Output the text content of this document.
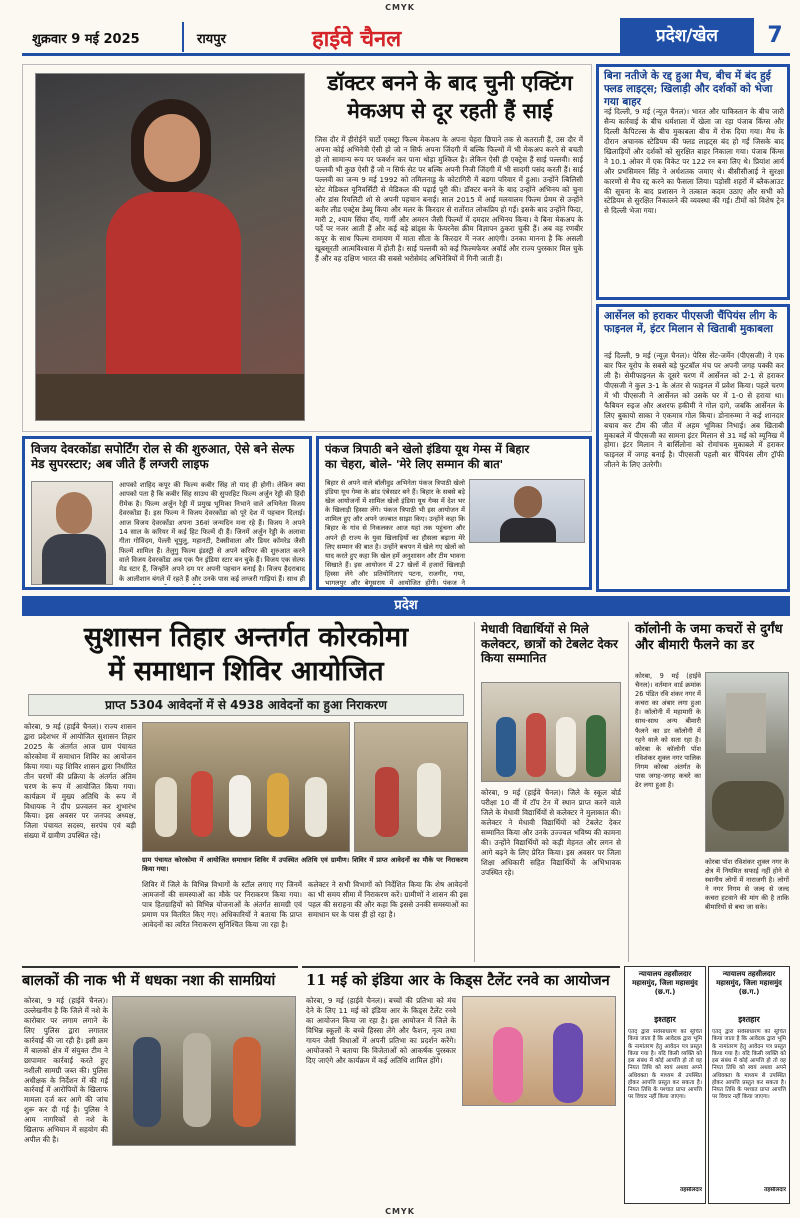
CMYK
शुक्रवार 9 मई 2025	रायपुर	हाईवे चैनल	प्रदेश/खेल	7
डॉक्टर बनने के बाद चुनी एक्टिंग
मेकअप से दूर रहती हैं साई
जिस दौर में हीरोईनें चार्टो एक्स्ट्रा फिल्म मेकअप के अपना चेहरा छिपाने तक से कतराती हैं, उस दौर में अपना कोई अभिनेत्री ऐसी हो जो न सिर्फ अपना जिंदगी में बल्कि फिल्मों में भी मेकअप करने से बचती हो तो सामान्य रूप पर फर्क्शन कर पाना थोड़ा मुश्किल है। लेकिन ऐसी ही एक्ट्रेस हैं साई पल्लवी। साई पल्लवी भी कुछ ऐसी हैं जो न सिर्फ सेट पर बल्कि अपनी निजी जिंदगी में भी सादगी पसंद करती हैं। साई पल्लवी का जन्म 9 मई 1992 को तमिलनाडु के कोटागिरी में बडगा परिवार में हुआ। उन्होंने त्बिलिसी स्टेट मेडिकल यूनिवर्सिटी से मेडिकल की पढ़ाई पूरी की। डॉक्टर बनने के बाद उन्होंने अभिनय को चुना और डांस रियलिटी शो से अपनी पहचान बनाई। साल 2015 में आई मलयालम फिल्म प्रेमम से उन्होंने बतौर लीड एक्ट्रेस डेब्यू किया और मलर के किरदार से रातोंरात लोकप्रिय हो गईं। इसके बाद उन्होंने फिदा, मारी 2, श्याम सिंघा रॉय, गार्गी और अमरन जैसी फिल्मों में दमदार अभिनय किया। वे बिना मेकअप के पर्दे पर नजर आती हैं और कई बड़े ब्रांड्स के फेयरनेस क्रीम विज्ञापन ठुकरा चुकी हैं। अब वह रणबीर कपूर के साथ फिल्म रामायण में माता सीता के किरदार में नजर आएंगी। उनका मानना है कि असली खूबसूरती आत्मविश्वास में होती है। साई पल्लवी को कई फिल्मफेयर अवॉर्ड और राज्य पुरस्कार मिल चुके हैं और वह दक्षिण भारत की सबसे भरोसेमंद अभिनेत्रियों में गिनी जाती हैं।
बिना नतीजे के रद्द हुआ मैच, बीच में बंद हुई फ्लड लाइट्स; खिलाड़ी और दर्शकों को भेजा गया बाहर
नई दिल्ली, 9 मई (न्यूज़ चैनल)। भारत और पाकिस्तान के बीच जारी सैन्य कार्रवाई के बीच धर्मशाला में खेला जा रहा पंजाब किंग्स और दिल्ली कैपिटल्स के बीच मुकाबला बीच में रोक दिया गया। मैच के दौरान अचानक स्टेडियम की फ्लड लाइट्स बंद हो गईं जिसके बाद खिलाड़ियों और दर्शकों को सुरक्षित बाहर निकाला गया। पंजाब किंग्स ने 10.1 ओवर में एक विकेट पर 122 रन बना लिए थे। प्रियांश आर्य और प्रभसिमरन सिंह ने अर्धशतक जमाए थे। बीसीसीआई ने सुरक्षा कारणों से मैच रद्द करने का फैसला लिया। पड़ोसी शहरों में ब्लैकआउट की सूचना के बाद प्रशासन ने तत्काल कदम उठाए और सभी को स्टेडियम से सुरक्षित निकालने की व्यवस्था की गई। टीमों को विशेष ट्रेन से दिल्ली भेजा गया।
आर्सेनल को हराकर पीएसजी चैंपियंस लीग के फाइनल में, इंटर मिलान से खिताबी मुकाबला
नई दिल्ली, 9 मई (न्यूज़ चैनल)। पेरिस सेंट-जर्मेन (पीएसजी) ने एक बार फिर यूरोप के सबसे बड़े फुटबॉल मंच पर अपनी जगह पक्की कर ली है। सेमीफाइनल के दूसरे चरण में आर्सेनल को 2-1 से हराकर पीएसजी ने कुल 3-1 के अंतर से फाइनल में प्रवेश किया। पहले चरण में भी पीएसजी ने आर्सेनल को उसके घर में 1-0 से हराया था। फैबियन रुइज और अशरफ हकीमी ने गोल दागे, जबकि आर्सेनल के लिए बुकायो साका ने एकमात्र गोल किया। डोनारुम्मा ने कई शानदार बचाव कर टीम की जीत में अहम भूमिका निभाई। अब खिताबी मुकाबले में पीएसजी का सामना इंटर मिलान से 31 मई को म्यूनिख में होगा। इंटर मिलान ने बार्सिलोना को रोमांचक मुकाबले में हराकर फाइनल में जगह बनाई है। पीएसजी पहली बार चैंपियंस लीग ट्रॉफी जीतने के लिए उतरेगी।
विजय देवरकोंडा सपोर्टिंग रोल से की शुरुआत, ऐसे बने सेल्फ मेड सुपरस्टार; अब जीते हैं लग्जरी लाइफ
आपको शाहिद कपूर की फिल्म कबीर सिंह तो याद ही होगी। लेकिन क्या आपको पता है कि कबीर सिंह साउथ की सुपरहिट फिल्म अर्जुन रेड्डी की हिंदी रीमेक है। फिल्म अर्जुन रेड्डी में प्रमुख भूमिका निभाने वाले अभिनेता विजय देवरकोंडा हैं। इस फिल्म ने विजय देवरकोंडा को पूरे देश में पहचान दिलाई। आज विजय देवरकोंडा अपना 36वां जन्मदिन मना रहे हैं। विजय ने अपने 14 साल के करियर में कई हिट फिल्में दी हैं। जिनमें अर्जुन रेड्डी के अलावा गीता गोविंदम, पेल्ली चूपुलु, महानटी, टैक्सीवाला और डियर कॉमरेड जैसी फिल्में शामिल हैं। तेलुगु फिल्म इंडस्ट्री से अपने करियर की शुरुआत करने वाले विजय देवरकोंडा अब एक पैन इंडिया स्टार बन चुके हैं। विजय एक सेल्फ मेड स्टार हैं, जिन्होंने अपने दम पर अपनी पहचान बनाई है। विजय हैदराबाद के आलीशान बंगले में रहते हैं और उनके पास कई लग्जरी गाड़ियां हैं। साथ ही
पंकज त्रिपाठी बने खेलो इंडिया यूथ गेम्स में बिहार
का चेहरा, बोले- 'मेरे लिए सम्मान की बात'
बिहार से अपने वाले बॉलीवुड अभिनेता पंकज त्रिपाठी खेलो इंडिया यूथ गेम्स के ब्रांड एंबेसडर बने हैं। बिहार के सबसे बड़े खेल आयोजनों में शामिल खेलो इंडिया यूथ गेम्स में देश भर के खिलाड़ी हिस्सा लेंगे। पंकज त्रिपाठी भी इस आयोजन में शामिल हुए और अपने जज्बात साझा किए। उन्होंने कहा कि बिहार के गांव से निकलकर आज यहां तक पहुंचना और अपने ही राज्य के युवा खिलाड़ियों का हौसला बढ़ाना मेरे लिए सम्मान की बात है। उन्होंने बचपन में खेले गए खेलों को याद करते हुए कहा कि खेल हमें अनुशासन और टीम भावना सिखाते हैं। इस आयोजन में 27 खेलों में हजारों खिलाड़ी हिस्सा लेंगे और प्रतियोगिताएं पटना, राजगीर, गया, भागलपुर और बेगूसराय में आयोजित होंगी। पंकज ने
प्रदेश
सुशासन तिहार अन्तर्गत कोरकोमा
में समाधान शिविर आयोजित
प्राप्त 5304 आवेदनों में से 4938 आवेदनों का हुआ निराकरण
कोरबा, 9 मई (हाईवे चैनल)। राज्य शासन द्वारा प्रदेशभर में आयोजित सुशासन तिहार 2025 के अंतर्गत आज ग्राम पंचायत कोरकोमा में समाधान शिविर का आयोजन किया गया। यह शिविर शासन द्वारा निर्धारित तीन चरणों की प्रक्रिया के अंतर्गत अंतिम चरण के रूप में आयोजित किया गया। कार्यक्रम में मुख्य अतिथि के रूप में विधायक ने दीप प्रज्वलन कर शुभारंभ किया। इस अवसर पर जनपद अध्यक्ष, जिला पंचायत सदस्य, सरपंच एवं बड़ी संख्या में ग्रामीण उपस्थित रहे।
ग्राम पंचायत कोरकोमा में आयोजित समाधान शिविर में उपस्थित अतिथि एवं ग्रामीण। शिविर में प्राप्त आवेदनों का मौके पर निराकरण किया गया।
शिविर में जिले के विभिन्न विभागों के स्टॉल लगाए गए जिनमें आमजनों की समस्याओं का मौके पर निराकरण किया गया। पात्र हितग्राहियों को विभिन्न योजनाओं के अंतर्गत सामग्री एवं प्रमाण पत्र वितरित किए गए। अधिकारियों ने बताया कि प्राप्त आवेदनों का त्वरित निराकरण सुनिश्चित किया जा रहा है।
कलेक्टर ने सभी विभागों को निर्देशित किया कि शेष आवेदनों का भी समय सीमा में निराकरण करें। ग्रामीणों ने शासन की इस पहल की सराहना की और कहा कि इससे उनकी समस्याओं का समाधान घर के पास ही हो रहा है।
मेधावी विद्यार्थियों से मिले कलेक्टर, छात्रों को टेबलेट देकर किया सम्मानित
कोरबा, 9 मई (हाईवे चैनल)। जिले के स्कूल बोर्ड परीक्षा 10 वीं में टॉप टेन में स्थान प्राप्त करने वाले जिले के मेधावी विद्यार्थियों से कलेक्टर ने मुलाकात की। कलेक्टर ने मेधावी विद्यार्थियों को टेबलेट देकर सम्मानित किया और उनके उज्ज्वल भविष्य की कामना की। उन्होंने विद्यार्थियों को कड़ी मेहनत और लगन से आगे बढ़ने के लिए प्रेरित किया। इस अवसर पर जिला शिक्षा अधिकारी सहित विद्यार्थियों के अभिभावक उपस्थित रहे।
कॉलोनी के जमा कचरों से दुर्गंध और बीमारी फैलने का डर
कोरबा, 9 मई (हाईवे चैनल)। वर्तमान वार्ड क्रमांक 26 पंडित रवि शंकर नगर में कचरा का अंबार लगा हुआ है। कॉलोनी में महामारी के साथ-साथ अन्य बीमारी फैलने का डर कॉलोनी में रहने वाले को सता रहा है। कोरबा के कॉलोनी पॉश रविशंकर शुक्ल नगर पालिक निगम कोरबा अंतर्गत के पास जगह-जगह कचरे का ढेर लगा हुआ है।
कोरबा पॉश रविशंकर शुक्ल नगर के क्षेत्र में नियमित सफाई नहीं होने से स्थानीय लोगों में नाराजगी है। लोगों ने नगर निगम से जल्द से जल्द कचरा हटवाने की मांग की है ताकि बीमारियों से बचा जा सके।
बालकों की नाक भी में धधका नशा की सामग्रियां
कोरबा, 9 मई (हाईवे चैनल)। उल्लेखनीय है कि जिले में नशे के कारोबार पर लगाम लगाने के लिए पुलिस द्वारा लगातार कार्रवाई की जा रही है। इसी क्रम में बालको क्षेत्र में संयुक्त टीम ने छापामार कार्रवाई करते हुए नशीली सामग्री जब्त की। पुलिस अधीक्षक के निर्देशन में की गई कार्रवाई में आरोपियों के खिलाफ मामला दर्ज कर आगे की जांच शुरू कर दी गई है। पुलिस ने आम नागरिकों से नशे के खिलाफ अभियान में सहयोग की अपील की है।
11 मई को इंडिया आर के किड्स टैलेंट रनवे का आयोजन
कोरबा, 9 मई (हाईवे चैनल)। बच्चों की प्रतिभा को मंच देने के लिए 11 मई को इंडिया आर के किड्स टैलेंट रनवे का आयोजन किया जा रहा है। इस आयोजन में जिले के विभिन्न स्कूलों के बच्चे हिस्सा लेंगे और फैशन, नृत्य तथा गायन जैसी विधाओं में अपनी प्रतिभा का प्रदर्शन करेंगे। आयोजकों ने बताया कि विजेताओं को आकर्षक पुरस्कार दिए जाएंगे और कार्यक्रम में कई अतिथि शामिल होंगे।
न्यायालय तहसीलदार महासमुंद, जिला महासमुंद (छ.ग.)
इश्तहार
एतद् द्वारा सर्वसाधारण को सूचित किया जाता है कि आवेदक द्वारा भूमि के नामांतरण हेतु आवेदन पत्र प्रस्तुत किया गया है। यदि किसी व्यक्ति को इस संबंध में कोई आपत्ति हो तो वह नियत तिथि को स्वयं अथवा अपने अधिवक्ता के माध्यम से उपस्थित होकर आपत्ति प्रस्तुत कर सकता है। नियत तिथि के पश्चात प्राप्त आपत्ति पर विचार नहीं किया जाएगा।
तहसीलदार
न्यायालय तहसीलदार महासमुंद, जिला महासमुंद (छ.ग.)
इश्तहार
एतद् द्वारा सर्वसाधारण को सूचित किया जाता है कि आवेदक द्वारा भूमि के नामांतरण हेतु आवेदन पत्र प्रस्तुत किया गया है। यदि किसी व्यक्ति को इस संबंध में कोई आपत्ति हो तो वह नियत तिथि को स्वयं अथवा अपने अधिवक्ता के माध्यम से उपस्थित होकर आपत्ति प्रस्तुत कर सकता है। नियत तिथि के पश्चात प्राप्त आपत्ति पर विचार नहीं किया जाएगा।
तहसीलदार
CMYK
